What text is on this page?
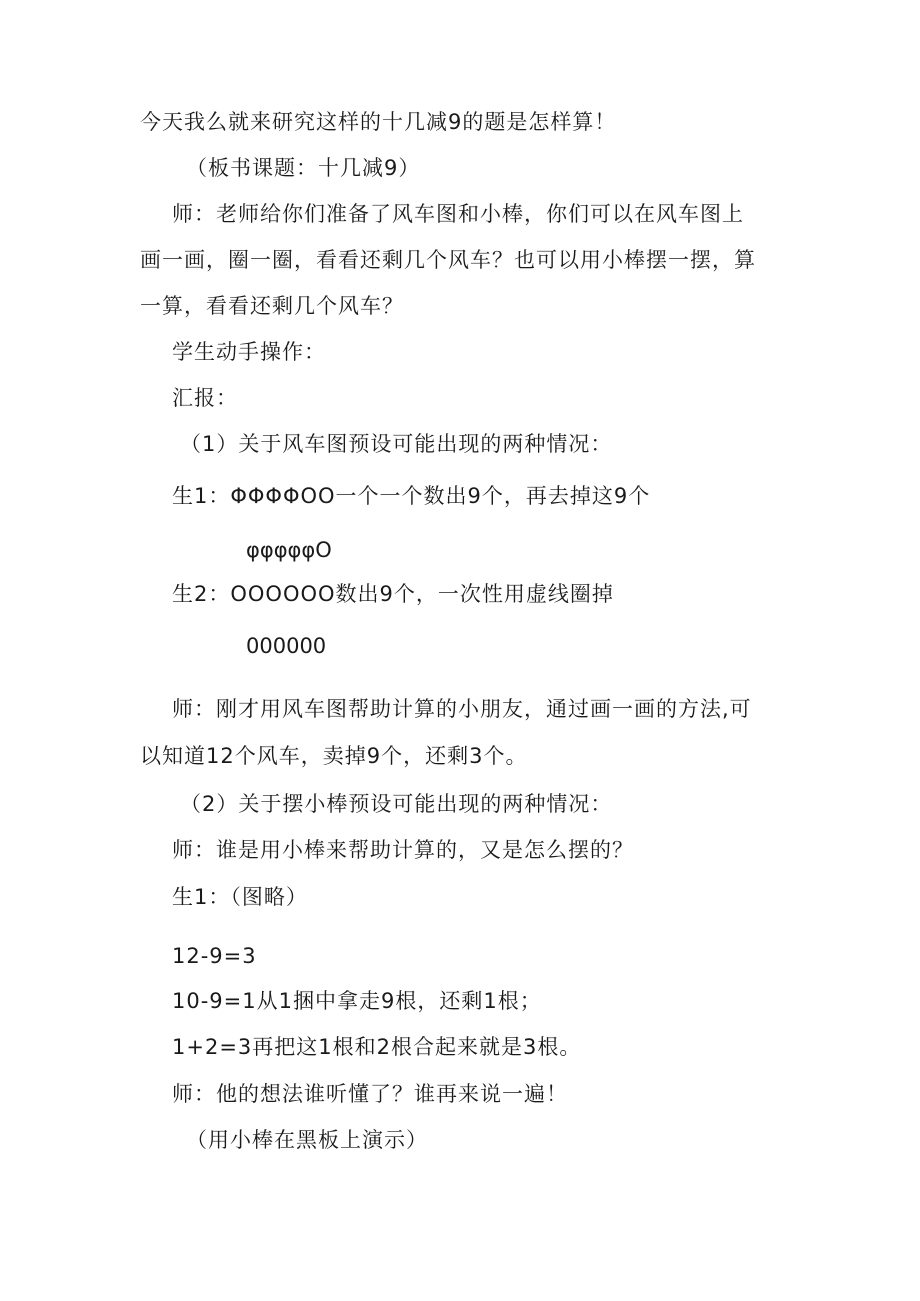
今天我么就来研究这样的十几减9的题是怎样算！
（板书课题：十几减9）
师：老师给你们准备了风车图和小棒，你们可以在风车图上
画一画，圈一圈，看看还剩几个风车？也可以用小棒摆一摆，算
一算，看看还剩几个风车？
学生动手操作：
汇报：
（1）关于风车图预设可能出现的两种情况：
生1：ΦΦΦΦOO一个一个数出9个，再去掉这9个
φφφφφO
生2：OOOOOO数出9个，一次性用虚线圈掉
000000
师：刚才用风车图帮助计算的小朋友，通过画一画的方法,可
以知道12个风车，卖掉9个，还剩3个。
（2）关于摆小棒预设可能出现的两种情况：
师：谁是用小棒来帮助计算的，又是怎么摆的？
生1：（图略）
12-9=3
10-9=1从1捆中拿走9根，还剩1根；
1+2=3再把这1根和2根合起来就是3根。
师：他的想法谁听懂了？谁再来说一遍！
（用小棒在黑板上演示）
